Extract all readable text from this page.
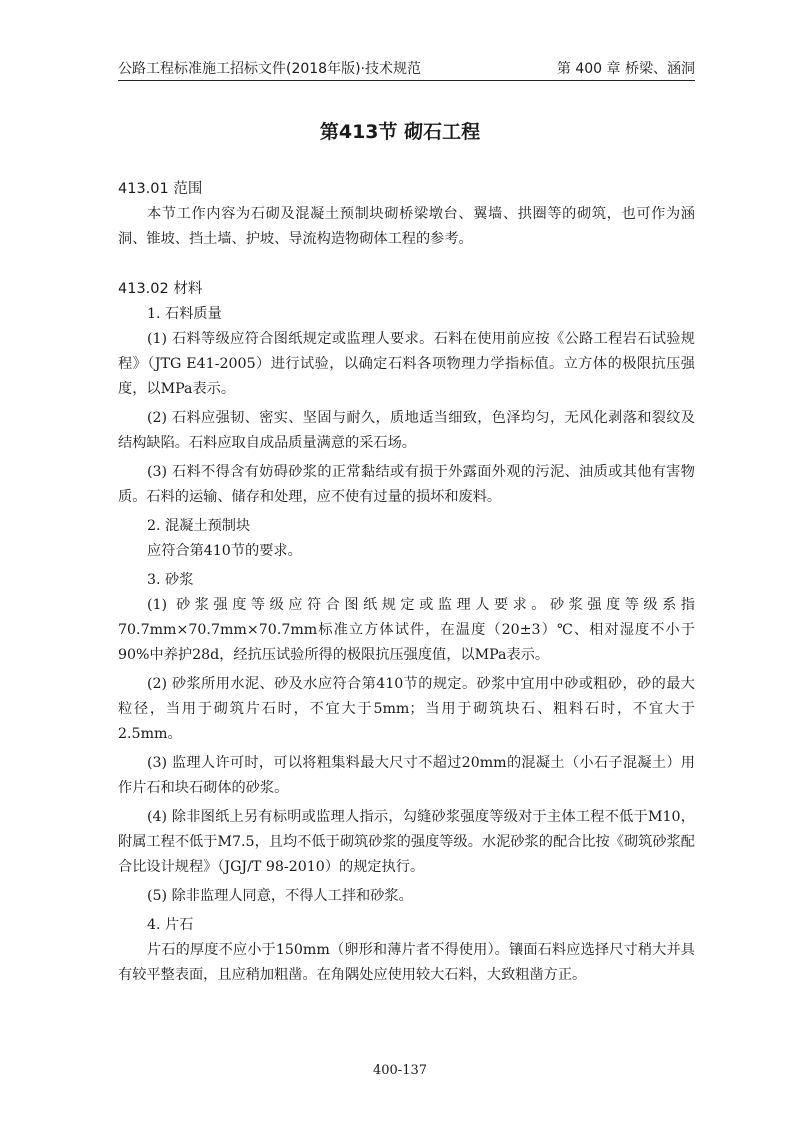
公路工程标准施工招标文件(2018年版)·技术规范	第 400 章 桥梁、涵洞
第413节 砌石工程

413.01 范围

本节工作内容为石砌及混凝土预制块砌桥梁墩台、翼墙、拱圈等的砌筑，也可作为涵洞、锥坡、挡土墙、护坡、导流构造物砌体工程的参考。

413.02 材料

1. 石料质量

(1) 石料等级应符合图纸规定或监理人要求。石料在使用前应按《公路工程岩石试验规程》（JTG E41-2005）进行试验，以确定石料各项物理力学指标值。立方体的极限抗压强度，以MPa表示。

(2) 石料应强韧、密实、坚固与耐久，质地适当细致，色泽均匀，无风化剥落和裂纹及结构缺陷。石料应取自成品质量满意的采石场。

(3) 石料不得含有妨碍砂浆的正常黏结或有损于外露面外观的污泥、油质或其他有害物质。石料的运输、储存和处理，应不使有过量的损坏和废料。

2. 混凝土预制块

应符合第410节的要求。

3. 砂浆

(1) 砂浆强度等级应符合图纸规定或监理人要求。砂浆强度等级系指70.7mm×70.7mm×70.7mm标准立方体试件，在温度（20±3）℃、相对湿度不小于90%中养护28d，经抗压试验所得的极限抗压强度值，以MPa表示。

(2) 砂浆所用水泥、砂及水应符合第410节的规定。砂浆中宜用中砂或粗砂，砂的最大粒径，当用于砌筑片石时，不宜大于5mm；当用于砌筑块石、粗料石时，不宜大于2.5mm。

(3) 监理人许可时，可以将粗集料最大尺寸不超过20mm的混凝土（小石子混凝土）用作片石和块石砌体的砂浆。

(4) 除非图纸上另有标明或监理人指示，勾缝砂浆强度等级对于主体工程不低于M10，附属工程不低于M7.5，且均不低于砌筑砂浆的强度等级。水泥砂浆的配合比按《砌筑砂浆配合比设计规程》（JGJ/T 98-2010）的规定执行。

(5) 除非监理人同意，不得人工拌和砂浆。

4. 片石

片石的厚度不应小于150mm（卵形和薄片者不得使用）。镶面石料应选择尺寸稍大并具有较平整表面，且应稍加粗凿。在角隅处应使用较大石料，大致粗凿方正。

400-137
